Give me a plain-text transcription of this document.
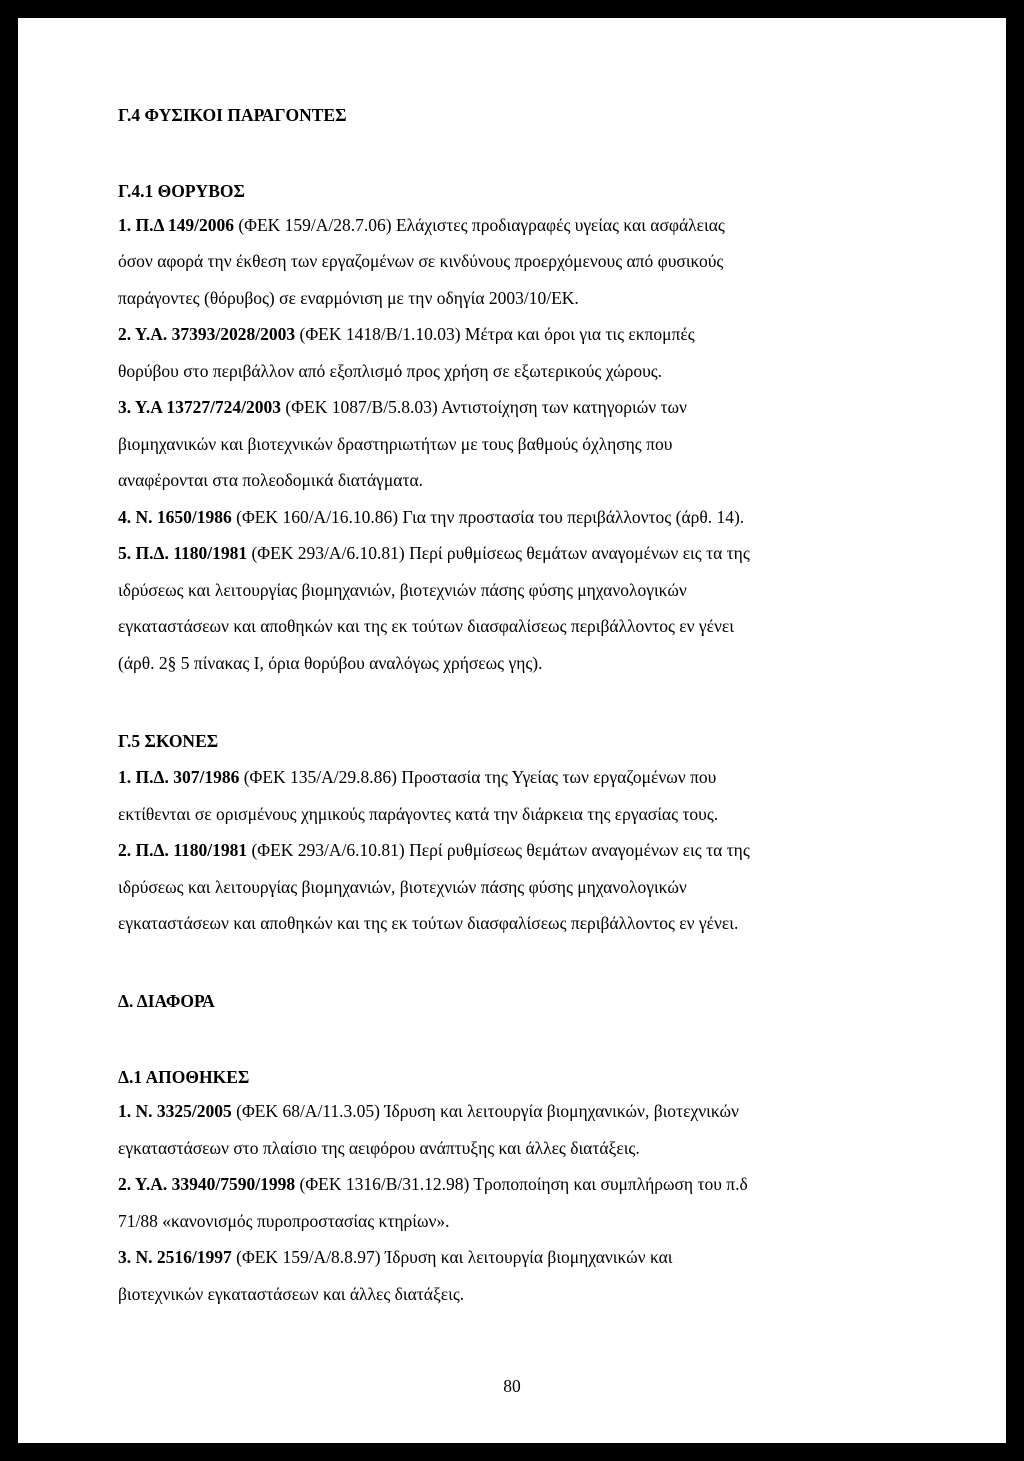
Γ.4 ΦΥΣΙΚΟΙ ΠΑΡΑΓΟΝΤΕΣ
Γ.4.1 ΘΟΡΥΒΟΣ
1. Π.Δ 149/2006 (ΦΕΚ 159/Α/28.7.06) Ελάχιστες προδιαγραφές υγείας και ασφάλειας
όσον αφορά την έκθεση των εργαζομένων σε κινδύνους προερχόμενους από φυσικούς
παράγοντες (θόρυβος) σε εναρμόνιση με την οδηγία 2003/10/ΕΚ.
2. Υ.Α. 37393/2028/2003 (ΦΕΚ 1418/Β/1.10.03) Μέτρα και όροι για τις εκπομπές
θορύβου στο περιβάλλον από εξοπλισμό προς χρήση σε εξωτερικούς χώρους.
3. Υ.Α 13727/724/2003 (ΦΕΚ 1087/Β/5.8.03) Αντιστοίχηση των κατηγοριών των
βιομηχανικών και βιοτεχνικών δραστηριωτήτων με τους βαθμούς όχλησης που
αναφέρονται στα πολεοδομικά διατάγματα.
4. Ν. 1650/1986 (ΦΕΚ 160/Α/16.10.86) Για την προστασία του περιβάλλοντος (άρθ. 14).
5. Π.Δ. 1180/1981 (ΦΕΚ 293/Α/6.10.81) Περί ρυθμίσεως θεμάτων αναγομένων εις τα της
ιδρύσεως και λειτουργίας βιομηχανιών, βιοτεχνιών πάσης φύσης μηχανολογικών
εγκαταστάσεων και αποθηκών και της εκ τούτων διασφαλίσεως περιβάλλοντος εν γένει
(άρθ. 2§ 5 πίνακας Ι, όρια θορύβου αναλόγως χρήσεως γης).
Γ.5 ΣΚΟΝΕΣ
1. Π.Δ. 307/1986 (ΦΕΚ 135/Α/29.8.86) Προστασία της Υγείας των εργαζομένων που
εκτίθενται σε ορισμένους χημικούς παράγοντες κατά την διάρκεια της εργασίας τους.
2. Π.Δ. 1180/1981 (ΦΕΚ 293/Α/6.10.81) Περί ρυθμίσεως θεμάτων αναγομένων εις τα της
ιδρύσεως και λειτουργίας βιομηχανιών, βιοτεχνιών πάσης φύσης μηχανολογικών
εγκαταστάσεων και αποθηκών και της εκ τούτων διασφαλίσεως περιβάλλοντος εν γένει.
Δ. ΔΙΑΦΟΡΑ
Δ.1 ΑΠΟΘΗΚΕΣ
1. Ν. 3325/2005 (ΦΕΚ 68/Α/11.3.05) Ίδρυση και λειτουργία βιομηχανικών, βιοτεχνικών
εγκαταστάσεων στο πλαίσιο της αειφόρου ανάπτυξης και άλλες διατάξεις.
2. Υ.Α. 33940/7590/1998 (ΦΕΚ 1316/Β/31.12.98) Τροποποίηση και συμπλήρωση του π.δ
71/88 «κανονισμός πυροπροστασίας κτηρίων».
3. Ν. 2516/1997 (ΦΕΚ 159/Α/8.8.97) Ίδρυση και λειτουργία βιομηχανικών και
βιοτεχνικών εγκαταστάσεων και άλλες διατάξεις.
80
